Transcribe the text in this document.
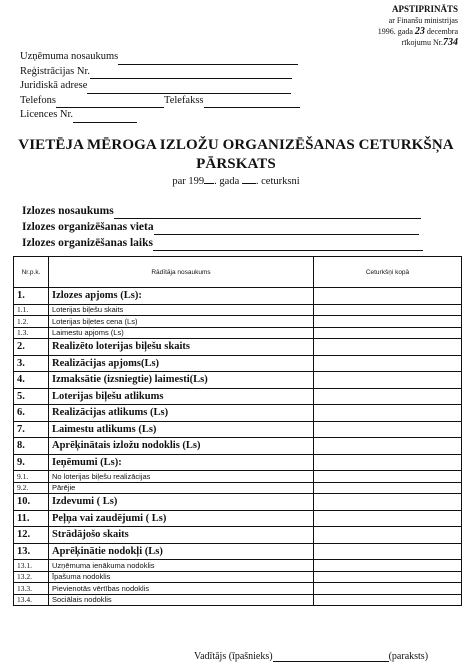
APSTIPRINĀTS
ar Finanšu ministrijas
1996. gada 23 decembra
rīkojumu Nr.734
Uzņēmuma nosaukums
Reģistrācijas Nr.
Juridiskā adrese
Telefons	Telefakss
Licences Nr.
VIETĒJA MĒROGA IZLOŽU ORGANIZĒŠANAS CETURKŠŅA
PĀRSKATS
par 199 . gada . ceturksni
Izlozes nosaukums
Izlozes organizēšanas vieta
Izlozes organizēšanas laiks
Nr.p.k.	Rādītāja nosaukums	Ceturkšņi kopā
1.	Izlozes apjoms (Ls):	
1.1.	Loterijas biļešu skaits	
1.2.	Loterijas biļetes cena (Ls)	
1.3.	Laimestu apjoms (Ls)	
2.	Realizēto loterijas biļešu skaits	
3.	Realizācijas apjoms(Ls)	
4.	Izmaksātie (izsniegtie) laimesti(Ls)	
5.	Loterijas biļešu atlikums	
6.	Realizācijas atlikums (Ls)	
7.	Laimestu atlikums (Ls)	
8.	Aprēķinātais izložu nodoklis (Ls)	
9.	Ieņēmumi (Ls):	
9.1.	No loterijas biļešu realizācijas	
9.2.	Pārējie	
10.	Izdevumi ( Ls)	
11.	Peļņa vai zaudējumi ( Ls)	
12.	Strādājošo skaits	
13.	Aprēķinātie nodokļi (Ls)	
13.1.	Uzņēmuma ienākuma nodoklis	
13.2.	Īpašuma nodoklis	
13.3.	Pievienotās vērtības nodoklis	
13.4.	Sociālais nodoklis	
Vadītājs (īpašnieks)	(paraksts)
